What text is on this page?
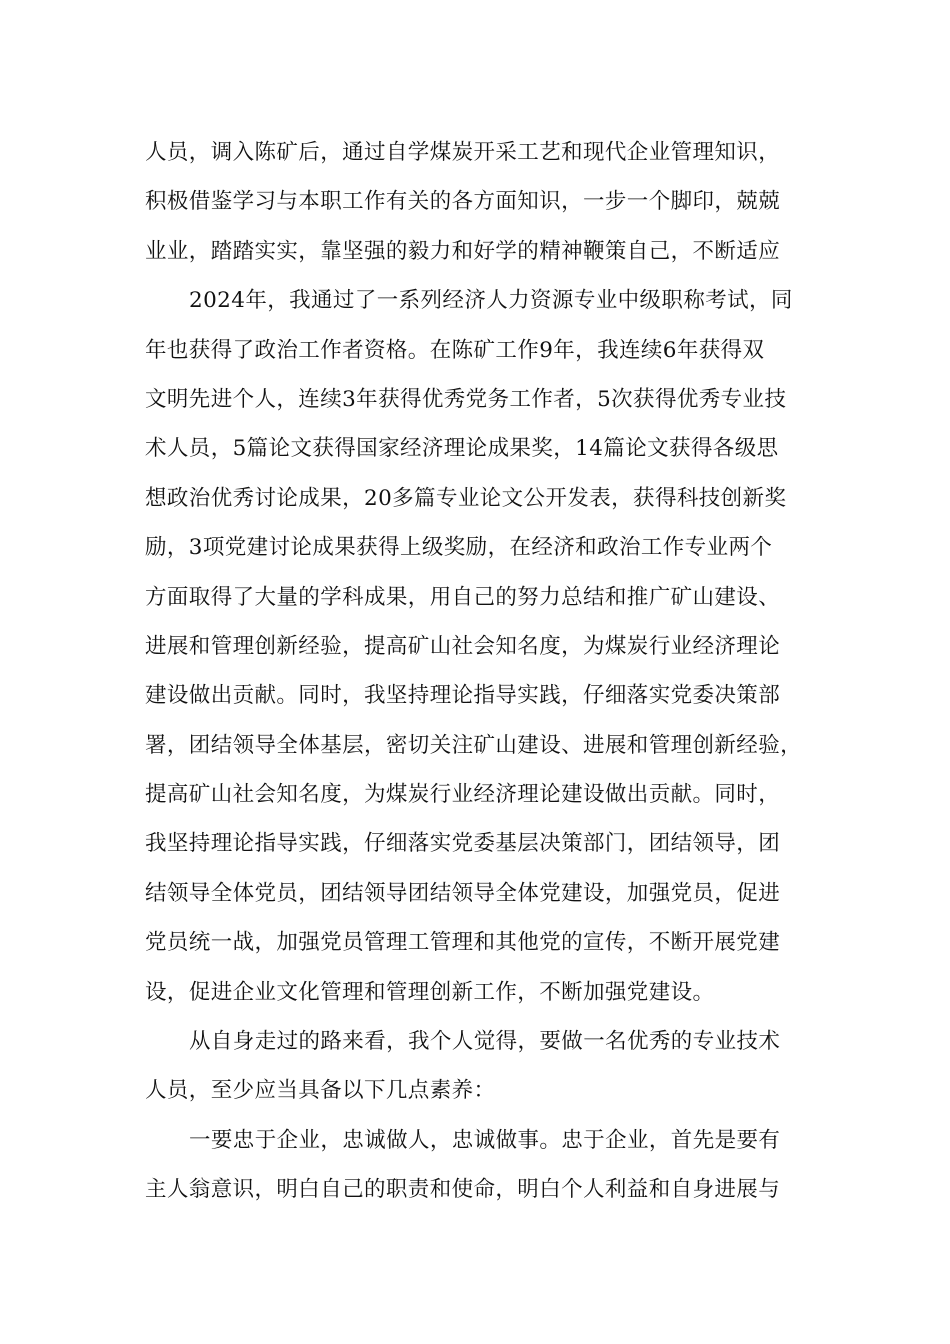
人员，调入陈矿后，通过自学煤炭开采工艺和现代企业管理知识，
积极借鉴学习与本职工作有关的各方面知识，一步一个脚印，兢兢
业业，踏踏实实，靠坚强的毅力和好学的精神鞭策自己，不断适应
2024年，我通过了一系列经济人力资源专业中级职称考试，同
年也获得了政治工作者资格。在陈矿工作9年，我连续6年获得双
文明先进个人，连续3年获得优秀党务工作者，5次获得优秀专业技
术人员，5篇论文获得国家经济理论成果奖，14篇论文获得各级思
想政治优秀讨论成果，20多篇专业论文公开发表，获得科技创新奖
励，3项党建讨论成果获得上级奖励，在经济和政治工作专业两个
方面取得了大量的学科成果，用自己的努力总结和推广矿山建设、
进展和管理创新经验，提高矿山社会知名度，为煤炭行业经济理论
建设做出贡献。同时，我坚持理论指导实践，仔细落实党委决策部
署，团结领导全体基层，密切关注矿山建设、进展和管理创新经验，
提高矿山社会知名度，为煤炭行业经济理论建设做出贡献。同时，
我坚持理论指导实践，仔细落实党委基层决策部门，团结领导，团
结领导全体党员，团结领导团结领导全体党建设，加强党员，促进
党员统一战，加强党员管理工管理和其他党的宣传，不断开展党建
设，促进企业文化管理和管理创新工作，不断加强党建设。
从自身走过的路来看，我个人觉得，要做一名优秀的专业技术
人员，至少应当具备以下几点素养：
一要忠于企业，忠诚做人，忠诚做事。忠于企业，首先是要有
主人翁意识，明白自己的职责和使命，明白个人利益和自身进展与
